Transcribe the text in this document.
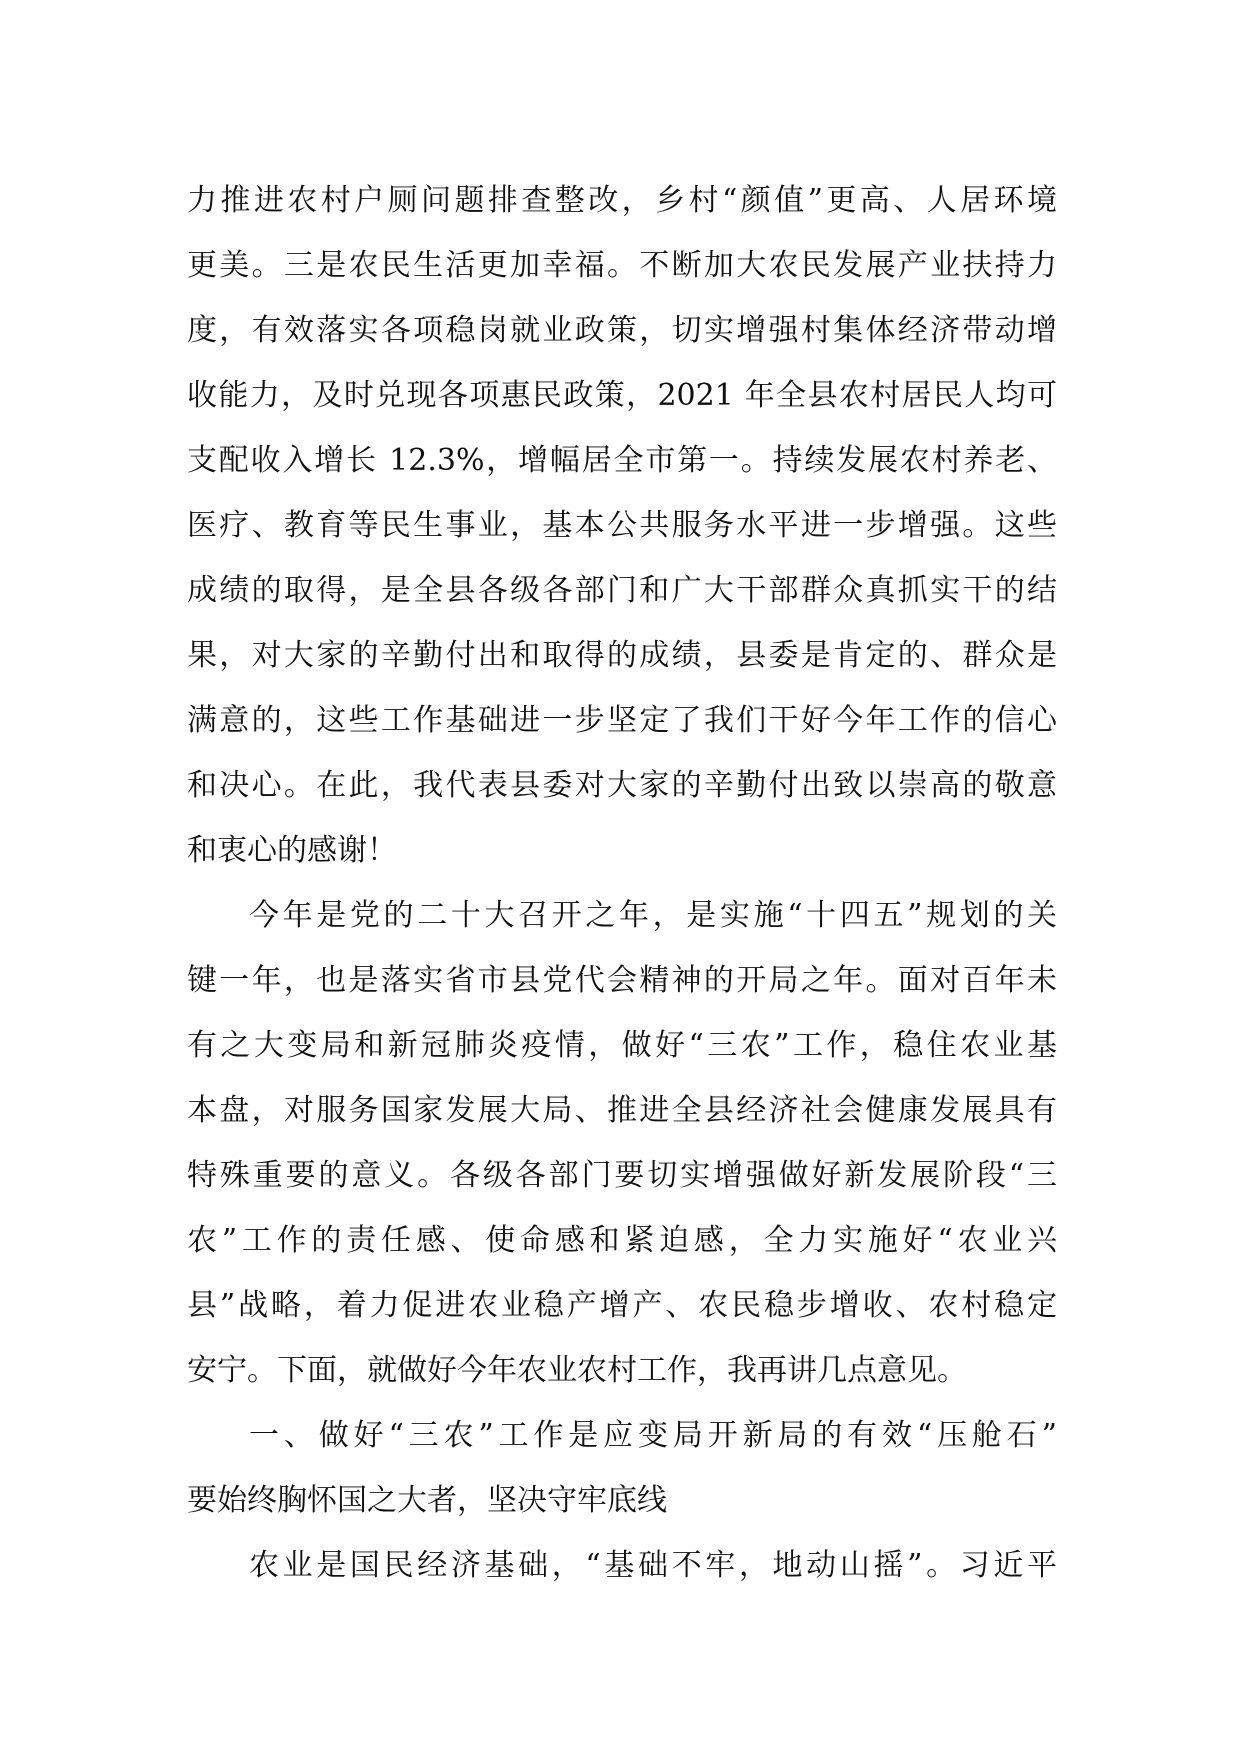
力推进农村户厕问题排查整改，乡村“颜值”更高、人居环境
更美。三是农民生活更加幸福。不断加大农民发展产业扶持力
度，有效落实各项稳岗就业政策，切实增强村集体经济带动增
收能力，及时兑现各项惠民政策，2021 年全县农村居民人均可
支配收入增长 12.3%，增幅居全市第一。持续发展农村养老、
医疗、教育等民生事业，基本公共服务水平进一步增强。这些
成绩的取得，是全县各级各部门和广大干部群众真抓实干的结
果，对大家的辛勤付出和取得的成绩，县委是肯定的、群众是
满意的，这些工作基础进一步坚定了我们干好今年工作的信心
和决心。在此，我代表县委对大家的辛勤付出致以崇高的敬意
和衷心的感谢！
今年是党的二十大召开之年，是实施“十四五”规划的关
键一年，也是落实省市县党代会精神的开局之年。面对百年未
有之大变局和新冠肺炎疫情，做好“三农”工作，稳住农业基
本盘，对服务国家发展大局、推进全县经济社会健康发展具有
特殊重要的意义。各级各部门要切实增强做好新发展阶段“三
农”工作的责任感、使命感和紧迫感，全力实施好“农业兴
县”战略，着力促进农业稳产增产、农民稳步增收、农村稳定
安宁。下面，就做好今年农业农村工作，我再讲几点意见。
一、做好“三农”工作是应变局开新局的有效“压舱石”
要始终胸怀国之大者，坚决守牢底线
农业是国民经济基础，“基础不牢，地动山摇”。习近平
